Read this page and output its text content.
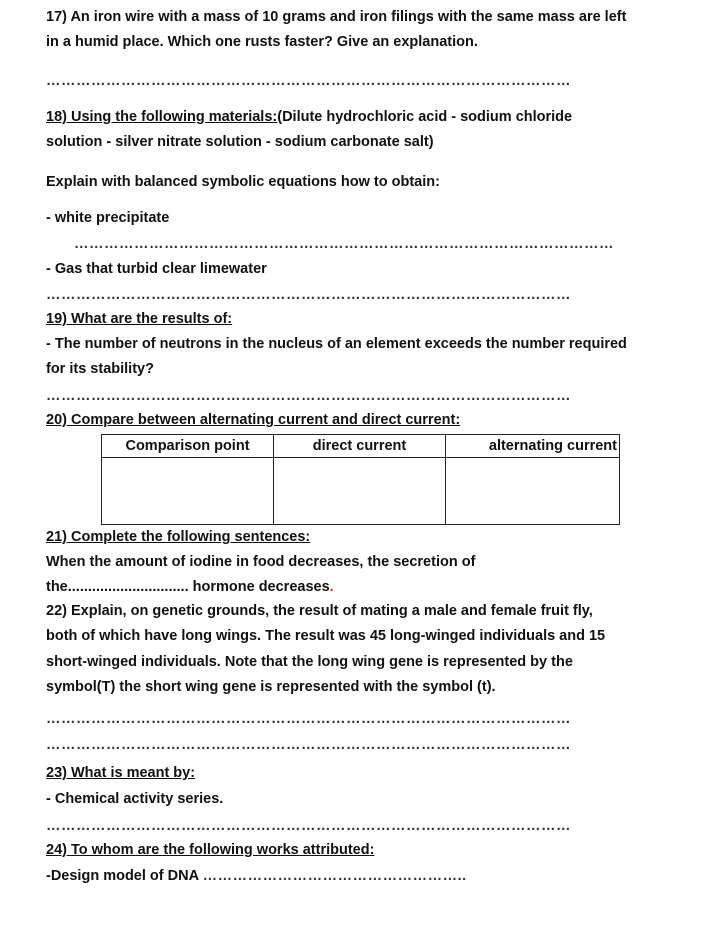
17) An iron wire with a mass of 10 grams and iron filings with the same mass are left
in a humid place. Which one rusts faster? Give an explanation.
……………………………………………………………………………………………
18) Using the following materials:(Dilute hydrochloric acid - sodium chloride
solution - silver nitrate solution - sodium carbonate salt)
Explain with balanced symbolic equations how to obtain:
- white precipitate
………………………………………………………………………………………………
- Gas that turbid clear limewater
……………………………………………………………………………………………
19) What are the results of:
- The number of neutrons in the nucleus of an element exceeds the number required
for its stability?
……………………………………………………………………………………………
20) Compare between alternating current and direct current:
Comparison point	direct current	alternating current

21) Complete the following sentences:
When the amount of iodine in food decreases, the secretion of
the.............................. hormone decreases.
22) Explain, on genetic grounds, the result of mating a male and female fruit fly,
both of which have long wings. The result was 45 long-winged individuals and 15
short-winged individuals. Note that the long wing gene is represented by the
symbol(T) the short wing gene is represented with the symbol (t).
……………………………………………………………………………………………
……………………………………………………………………………………………
23) What is meant by:
- Chemical activity series.
……………………………………………………………………………………………
24) To whom are the following works attributed:
-Design model of DNA ……………………………………………..
